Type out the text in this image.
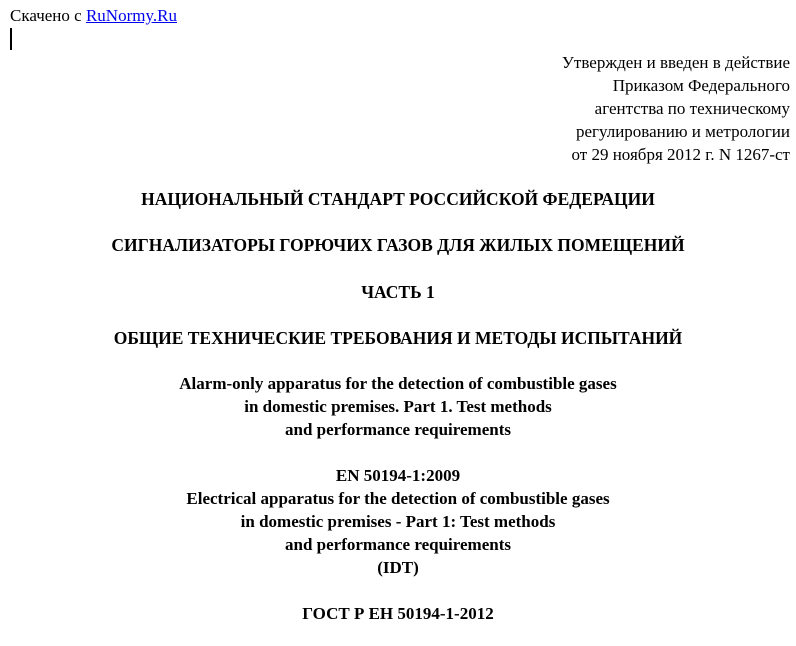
Скачено с RuNormy.Ru
Утвержден и введен в действие
Приказом Федерального
агентства по техническому
регулированию и метрологии
от 29 ноября 2012 г. N 1267-ст
НАЦИОНАЛЬНЫЙ СТАНДАРТ РОССИЙСКОЙ ФЕДЕРАЦИИ
СИГНАЛИЗАТОРЫ ГОРЮЧИХ ГАЗОВ ДЛЯ ЖИЛЫХ ПОМЕЩЕНИЙ
ЧАСТЬ 1
ОБЩИЕ ТЕХНИЧЕСКИЕ ТРЕБОВАНИЯ И МЕТОДЫ ИСПЫТАНИЙ
Alarm-only apparatus for the detection of combustible gases
in domestic premises. Part 1. Test methods
and performance requirements
EN 50194-1:2009
Electrical apparatus for the detection of combustible gases
in domestic premises - Part 1: Test methods
and performance requirements
(IDT)
ГОСТ Р ЕН 50194-1-2012
